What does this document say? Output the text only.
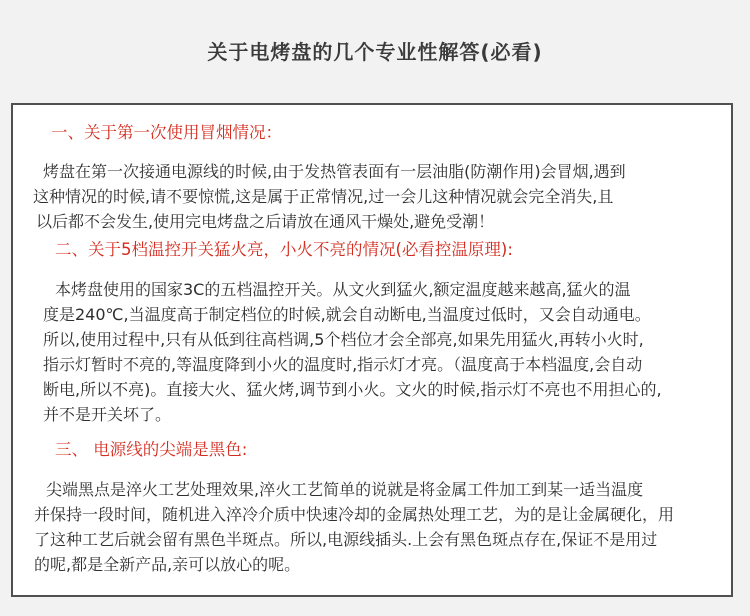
关于电烤盘的几个专业性解答(必看)
一、关于第一次使用冒烟情况：
烤盘在第一次接通电源线的时候,由于发热管表面有一层油脂(防潮作用)会冒烟,遇到
这种情况的时候,请不要惊慌,这是属于正常情况,过一会儿这种情况就会完全消失,且
以后都不会发生,使用完电烤盘之后请放在通风干燥处,避免受潮！
二、关于5档温控开关猛火亮，小火不亮的情况(必看控温原理):
本烤盘使用的国家3C的五档温控开关。从文火到猛火,额定温度越来越高,猛火的温
度是240℃,当温度高于制定档位的时候,就会自动断电,当温度过低时，又会自动通电。
所以,使用过程中,只有从低到往高档调,5个档位才会全部亮,如果先用猛火,再转小火时,
指示灯暂时不亮的,等温度降到小火的温度时,指示灯才亮。（温度高于本档温度,会自动
断电,所以不亮)。直接大火、猛火烤,调节到小火。文火的时候,指示灯不亮也不用担心的,
并不是开关坏了。
三、 电源线的尖端是黑色:
尖端黑点是淬火工艺处理效果,淬火工艺简单的说就是将金属工件加工到某一适当温度
并保持一段时间，随机进入淬冷介质中快速冷却的金属热处理工艺，为的是让金属硬化，用
了这种工艺后就会留有黑色半斑点。所以,电源线插头.上会有黑色斑点存在,保证不是用过
的呢,都是全新产品,亲可以放心的呢。
